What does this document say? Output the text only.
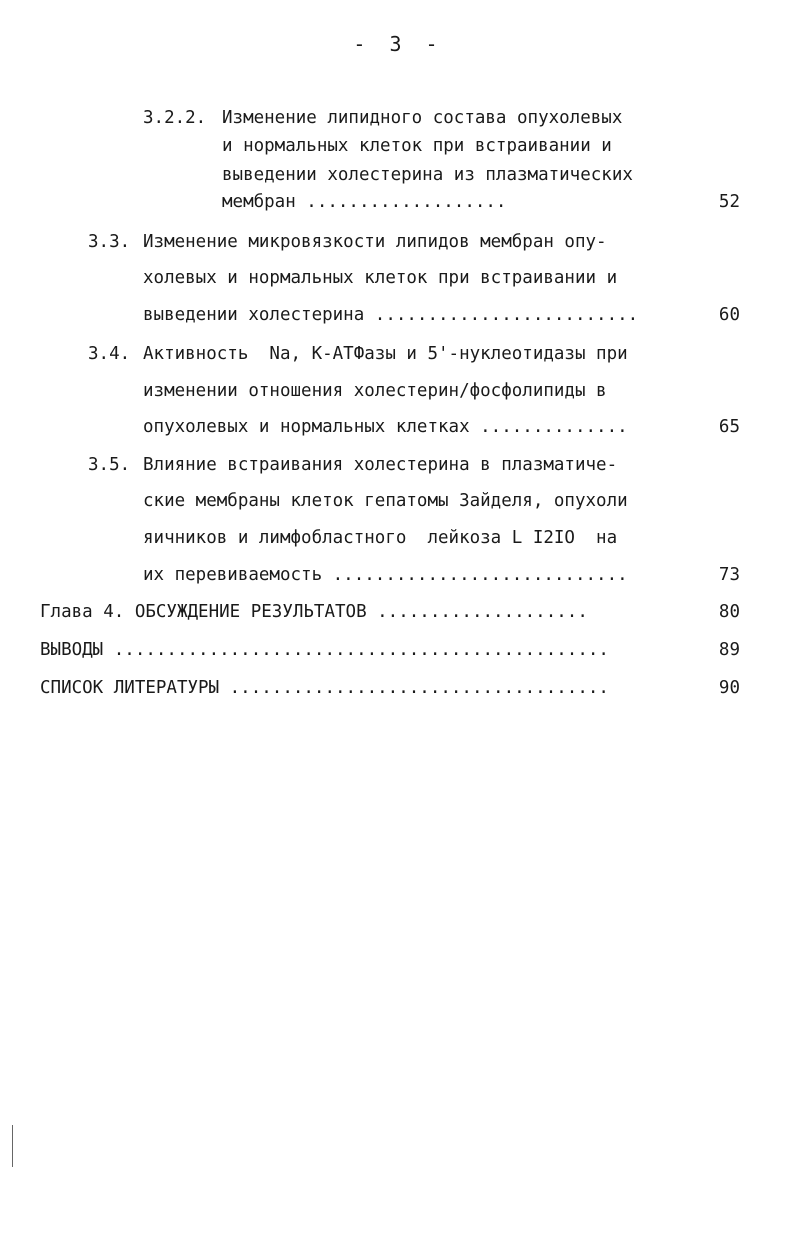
- 3 -
3.2.2. Изменение липидного состава опухолевых
и нормальных клеток при встраивании и
выведении холестерина из плазматических
мембран ...................	52
3.3. Изменение микровязкости липидов мембран опу-
холевых и нормальных клеток при встраивании и
выведении холестерина .........................	60
3.4. Активность  Na, К-АТФазы и 5'-нуклеотидазы при
изменении отношения холестерин/фосфолипиды в
опухолевых и нормальных клетках ..............	65
3.5. Влияние встраивания холестерина в плазматиче-
ские мембраны клеток гепатомы Зайделя, опухоли
яичников и лимфобластного  лейкоза L I2IO  на
их перевиваемость ............................	73
Глава 4. ОБСУЖДЕНИЕ РЕЗУЛЬТАТОВ ....................	80
ВЫВОДЫ ...............................................	89
СПИСОК ЛИТЕРАТУРЫ ....................................	90
